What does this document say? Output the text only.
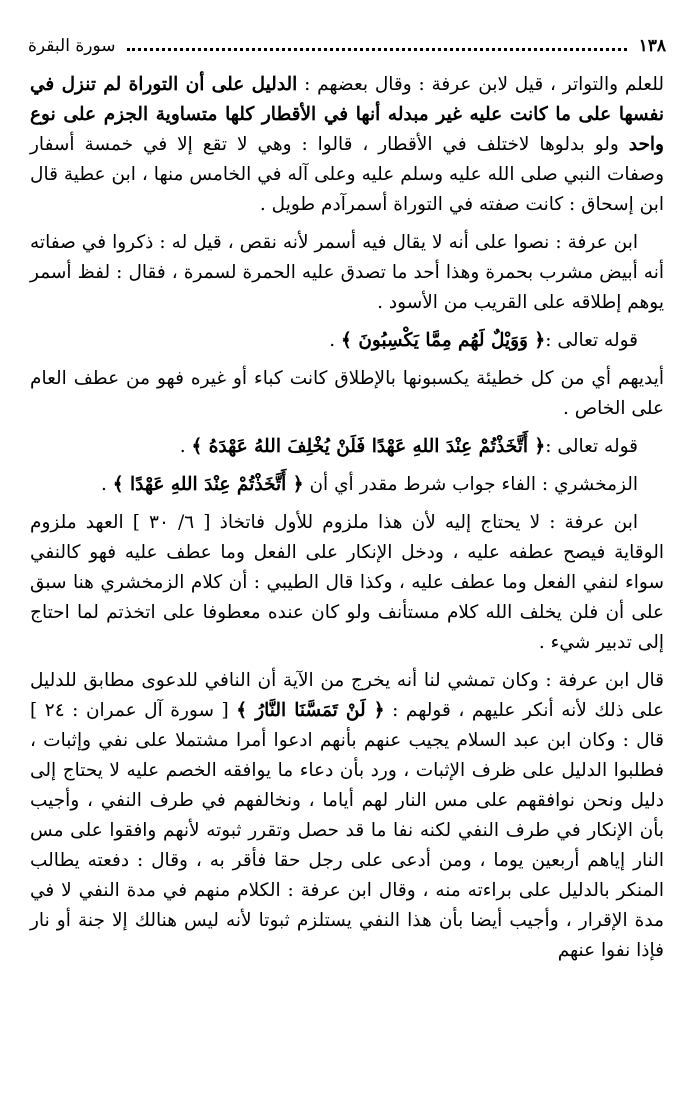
١٣٨
سورة البقرة

للعلم والتواتر ، قيل لابن عرفة : وقال بعضهم : الدليل على أن التوراة لم تنزل في نفسها على ما كانت عليه غير مبدله أنها في الأقطار كلها متساوية الجزم على نوع واحد ولو بدلوها لاختلف في الأقطار ، قالوا : وهي لا تقع إلا في خمسة أسفار وصفات النبي صلى الله عليه وسلم عليه وعلى آله في الخامس منها ، ابن عطية قال ابن إسحاق : كانت صفته في التوراة أسمرآدم طويل .

ابن عرفة : نصوا على أنه لا يقال فيه أسمر لأنه نقص ، قيل له : ذكروا في صفاته أنه أبيض مشرب بحمرة وهذا أحد ما تصدق عليه الحمرة لسمرة ، فقال : لفظ أسمر يوهم إطلاقه على القريب من الأسود .

قوله تعالى :﴿ وَوَيْلٌ لَهُم مِمَّا يَكْسِبُونَ ﴾ .

أيديهم أي من كل خطيئة يكسبونها بالإطلاق كانت كباء أو غيره فهو من عطف العام على الخاص .

قوله تعالى :﴿ أَتَّخَذْتُمْ عِنْدَ اللهِ عَهْدًا فَلَنْ يُخْلِفَ اللهُ عَهْدَهُ ﴾ .

الزمخشري : الفاء جواب شرط مقدر أي أن ﴿ أَتَّخَذْتُمْ عِنْدَ اللهِ عَهْدًا ﴾ .

ابن عرفة : لا يحتاج إليه لأن هذا ملزوم للأول فاتخاذ [ ٦/ ٣٠ ] العهد ملزوم الوقاية فيصح عطفه عليه ، ودخل الإنكار على الفعل وما عطف عليه فهو كالنفي سواء لنفي الفعل وما عطف عليه ، وكذا قال الطيبي : أن كلام الزمخشري هنا سبق على أن فلن يخلف الله كلام مستأنف ولو كان عنده معطوفا على اتخذتم لما احتاج إلى تدبير شيء .

قال ابن عرفة : وكان تمشي لنا أنه يخرج من الآية أن النافي للدعوى مطابق للدليل على ذلك لأنه أنكر عليهم ، قولهم : ﴿ لَنْ تَمَسَّنَا النَّارُ ﴾ [ سورة آل عمران : ٢٤ ] قال : وكان ابن عبد السلام يجيب عنهم بأنهم ادعوا أمرا مشتملا على نفي وإثبات ، فطلبوا الدليل على ظرف الإثبات ، ورد بأن دعاء ما يوافقه الخصم عليه لا يحتاج إلى دليل ونحن نوافقهم على مس النار لهم أياما ، ونخالفهم في طرف النفي ، وأجيب بأن الإنكار في طرف النفي لكنه نفا ما قد حصل وتقرر ثبوته لأنهم وافقوا على مس النار إياهم أربعين يوما ، ومن أدعى على رجل حقا فأقر به ، وقال : دفعته يطالب المنكر بالدليل على براءته منه ، وقال ابن عرفة : الكلام منهم في مدة النفي لا في مدة الإقرار ، وأجيب أيضا بأن هذا النفي يستلزم ثبوتا لأنه ليس هنالك إلا جنة أو نار فإذا نفوا عنهم
